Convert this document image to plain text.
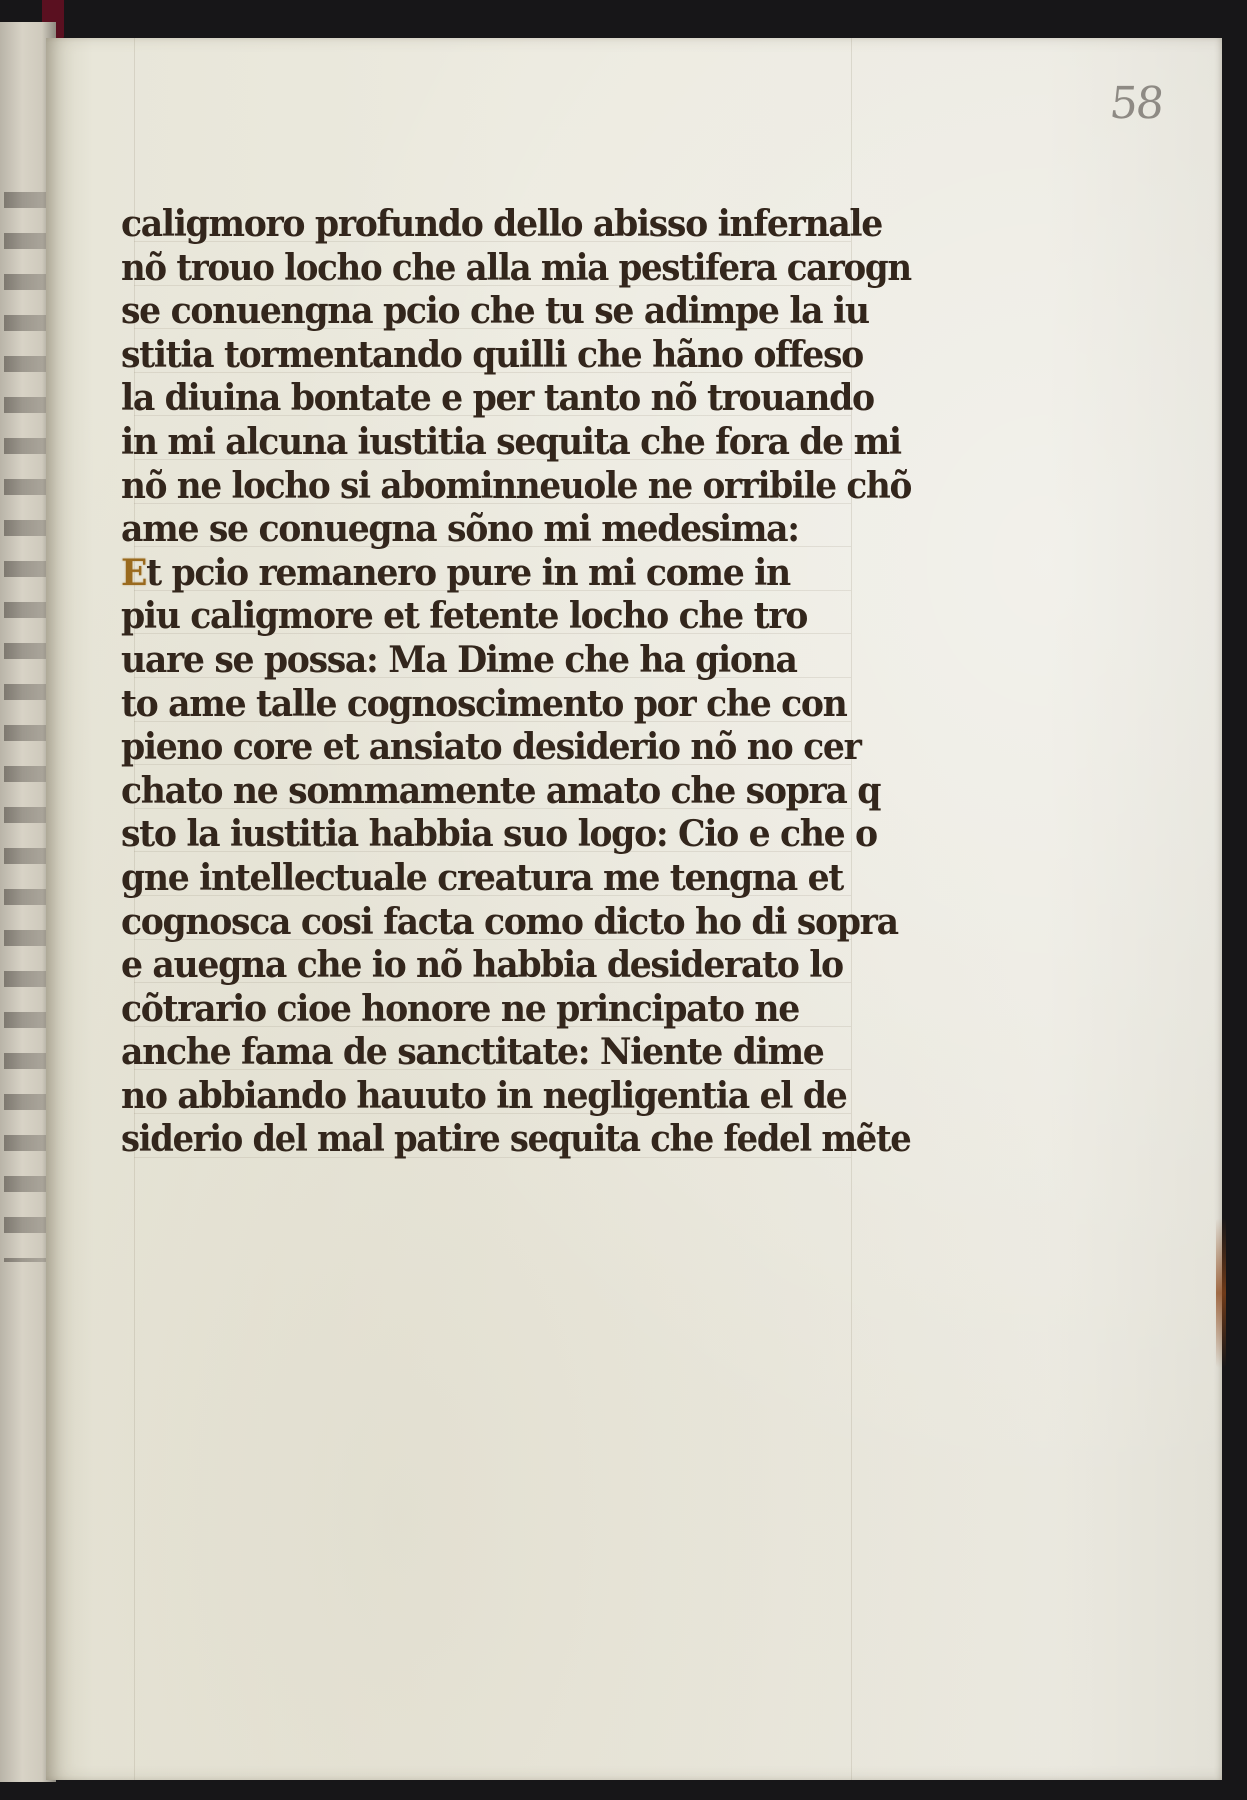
58
caligmoro profundo dello abisso infernale
nõ trouo locho che alla mia pestifera carogn
se conuengna pcio che tu se adimpe la iu
stitia tormentando quilli che hãno offeso
la diuina bontate e per tanto nõ trouando
in mi alcuna iustitia sequita che fora de mi
nõ ne locho si abominneuole ne orribile chõ
ame se conuegna sõno mi medesima:
Et pcio remanero pure in mi come in
piu caligmore et fetente locho che tro
uare se possa: Ma Dime che ha giona
to ame talle cognoscimento por che con
pieno core et ansiato desiderio nõ no cer
chato ne sommamente amato che sopra q
sto la iustitia habbia suo logo: Cio e che o
gne intellectuale creatura me tengna et
cognosca cosi facta como dicto ho di sopra
e auegna che io nõ habbia desiderato lo
cõtrario cioe honore ne principato ne
anche fama de sanctitate: Niente dime
no abbiando hauuto in negligentia el de
siderio del mal patire sequita che fedel mẽte
